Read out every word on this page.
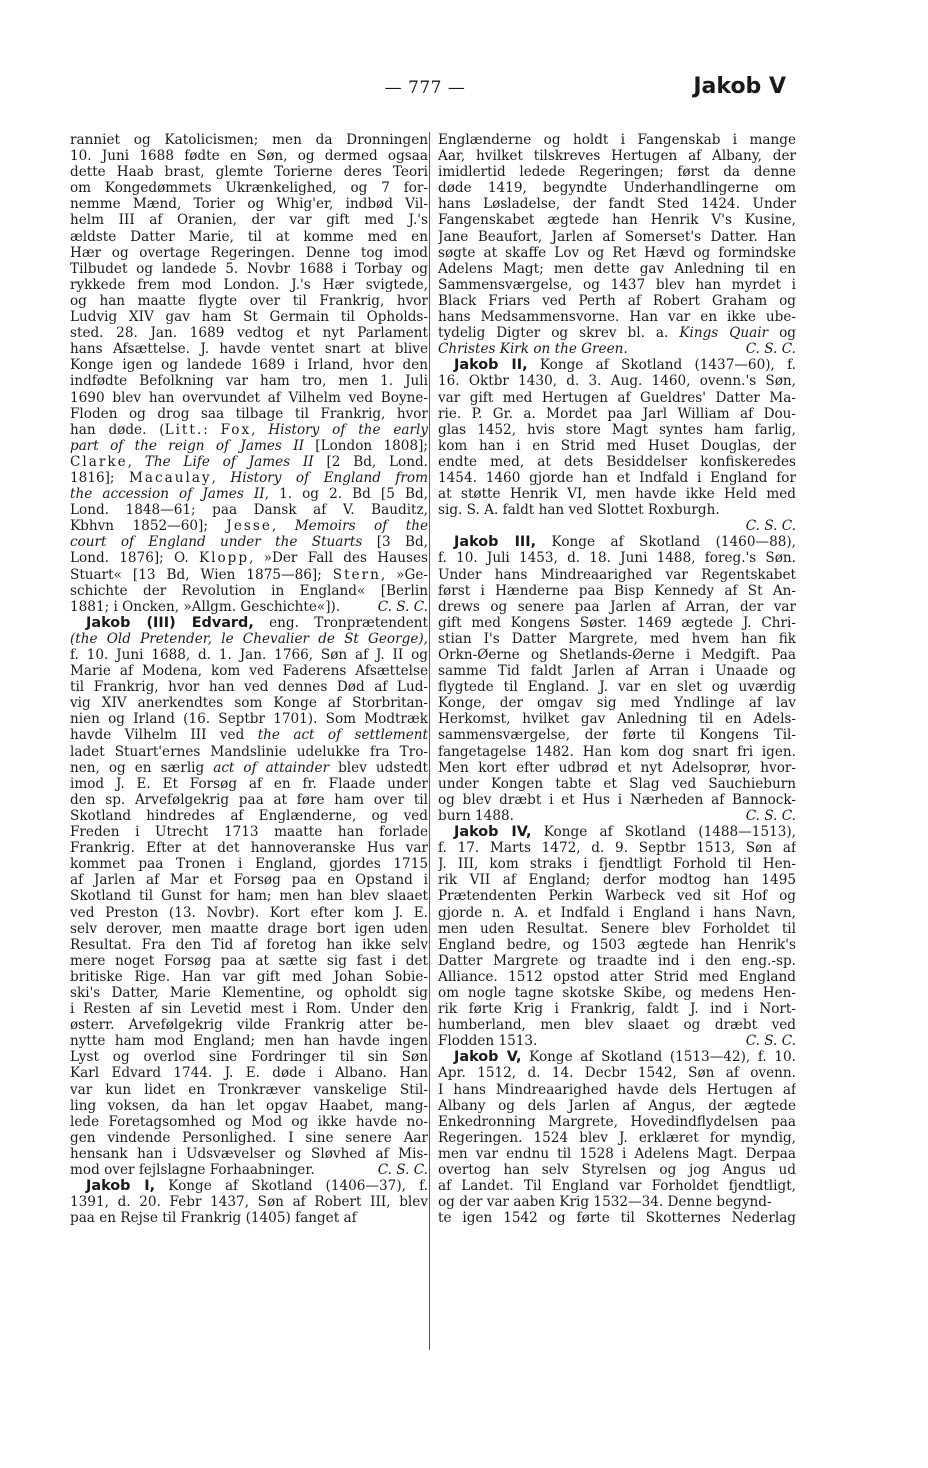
— 777 —	Jakob V
ranniet og Katolicismen; men da Dronningen
10. Juni 1688 fødte en Søn, og dermed ogsaa
dette Haab brast, glemte Torierne deres Teori
om Kongedømmets Ukrænkelighed, og 7 for-
nemme Mænd, Torier og Whig'er, indbød Vil-
helm III af Oranien, der var gift med J.'s
ældste Datter Marie, til at komme med en
Hær og overtage Regeringen. Denne tog imod
Tilbudet og landede 5. Novbr 1688 i Torbay og
rykkede frem mod London. J.'s Hær svigtede,
og han maatte flygte over til Frankrig, hvor
Ludvig XIV gav ham St Germain til Opholds-
sted. 28. Jan. 1689 vedtog et nyt Parlament
hans Afsættelse. J. havde ventet snart at blive
Konge igen og landede 1689 i Irland, hvor den
indfødte Befolkning var ham tro, men 1. Juli
1690 blev han overvundet af Vilhelm ved Boyne-
Floden og drog saa tilbage til Frankrig, hvor
han døde. (Litt.: Fox, History of the early
part of the reign of James II [London 1808];
Clarke, The Life of James II [2 Bd, Lond.
1816]; Macaulay, History of England from
the accession of James II, 1. og 2. Bd [5 Bd,
Lond. 1848—61; paa Dansk af V. Bauditz,
Kbhvn 1852—60]; Jesse, Memoirs of the
court of England under the Stuarts [3 Bd,
Lond. 1876]; O. Klopp, »Der Fall des Hauses
Stuart« [13 Bd, Wien 1875—86]; Stern, »Ge-
schichte der Revolution in England« [Berlin
1881; i Oncken, »Allgm. Geschichte«]).	C. S. C.
Jakob (III) Edvard, eng. Tronprætendent
(the Old Pretender, le Chevalier de St George),
f. 10. Juni 1688, d. 1. Jan. 1766, Søn af J. II og
Marie af Modena, kom ved Faderens Afsættelse
til Frankrig, hvor han ved dennes Død af Lud-
vig XIV anerkendtes som Konge af Storbritan-
nien og Irland (16. Septbr 1701). Som Modtræk
havde Vilhelm III ved the act of settlement
ladet Stuart'ernes Mandslinie udelukke fra Tro-
nen, og en særlig act of attainder blev udstedt
imod J. E. Et Forsøg af en fr. Flaade under
den sp. Arvefølgekrig paa at føre ham over til
Skotland hindredes af Englænderne, og ved
Freden i Utrecht 1713 maatte han forlade
Frankrig. Efter at det hannoveranske Hus var
kommet paa Tronen i England, gjordes 1715
af Jarlen af Mar et Forsøg paa en Opstand i
Skotland til Gunst for ham; men han blev slaaet
ved Preston (13. Novbr). Kort efter kom J. E.
selv derover, men maatte drage bort igen uden
Resultat. Fra den Tid af foretog han ikke selv
mere noget Forsøg paa at sætte sig fast i det
britiske Rige. Han var gift med Johan Sobie-
ski's Datter, Marie Klementine, og opholdt sig
i Resten af sin Levetid mest i Rom. Under den
østerr. Arvefølgekrig vilde Frankrig atter be-
nytte ham mod England; men han havde ingen
Lyst og overlod sine Fordringer til sin Søn
Karl Edvard 1744. J. E. døde i Albano. Han
var kun lidet en Tronkræver vanskelige Stil-
ling voksen, da han let opgav Haabet, mang-
lede Foretagsomhed og Mod og ikke havde no-
gen vindende Personlighed. I sine senere Aar
hensank han i Udsvævelser og Sløvhed af Mis-
mod over fejlslagne Forhaabninger.	C. S. C.
Jakob I, Konge af Skotland (1406—37), f.
1391, d. 20. Febr 1437, Søn af Robert III, blev
paa en Rejse til Frankrig (1405) fanget af
Englænderne og holdt i Fangenskab i mange
Aar, hvilket tilskreves Hertugen af Albany, der
imidlertid ledede Regeringen; først da denne
døde 1419, begyndte Underhandlingerne om
hans Løsladelse, der fandt Sted 1424. Under
Fangenskabet ægtede han Henrik V's Kusine,
Jane Beaufort, Jarlen af Somerset's Datter. Han
søgte at skaffe Lov og Ret Hævd og formindske
Adelens Magt; men dette gav Anledning til en
Sammensværgelse, og 1437 blev han myrdet i
Black Friars ved Perth af Robert Graham og
hans Medsammensvorne. Han var en ikke ube-
tydelig Digter og skrev bl. a. Kings Quair og
Christes Kirk on the Green.	C. S. C.
Jakob II, Konge af Skotland (1437—60), f.
16. Oktbr 1430, d. 3. Aug. 1460, ovenn.'s Søn,
var gift med Hertugen af Gueldres' Datter Ma-
rie. P. Gr. a. Mordet paa Jarl William af Dou-
glas 1452, hvis store Magt syntes ham farlig,
kom han i en Strid med Huset Douglas, der
endte med, at dets Besiddelser konfiskeredes
1454. 1460 gjorde han et Indfald i England for
at støtte Henrik VI, men havde ikke Held med
sig. S. A. faldt han ved Slottet Roxburgh.
C. S. C.
Jakob III, Konge af Skotland (1460—88),
f. 10. Juli 1453, d. 18. Juni 1488, foreg.'s Søn.
Under hans Mindreaarighed var Regentskabet
først i Hænderne paa Bisp Kennedy af St An-
drews og senere paa Jarlen af Arran, der var
gift med Kongens Søster. 1469 ægtede J. Chri-
stian I's Datter Margrete, med hvem han fik
Orkn-Øerne og Shetlands-Øerne i Medgift. Paa
samme Tid faldt Jarlen af Arran i Unaade og
flygtede til England. J. var en slet og uværdig
Konge, der omgav sig med Yndlinge af lav
Herkomst, hvilket gav Anledning til en Adels-
sammensværgelse, der førte til Kongens Til-
fangetagelse 1482. Han kom dog snart fri igen.
Men kort efter udbrød et nyt Adelsoprør, hvor-
under Kongen tabte et Slag ved Sauchieburn
og blev dræbt i et Hus i Nærheden af Bannock-
burn 1488.	C. S. C.
Jakob IV, Konge af Skotland (1488—1513),
f. 17. Marts 1472, d. 9. Septbr 1513, Søn af
J. III, kom straks i fjendtligt Forhold til Hen-
rik VII af England; derfor modtog han 1495
Prætendenten Perkin Warbeck ved sit Hof og
gjorde n. A. et Indfald i England i hans Navn,
men uden Resultat. Senere blev Forholdet til
England bedre, og 1503 ægtede han Henrik's
Datter Margrete og traadte ind i den eng.-sp.
Alliance. 1512 opstod atter Strid med England
om nogle tagne skotske Skibe, og medens Hen-
rik førte Krig i Frankrig, faldt J. ind i Nort-
humberland, men blev slaaet og dræbt ved
Flodden 1513.	C. S. C.
Jakob V, Konge af Skotland (1513—42), f. 10.
Apr. 1512, d. 14. Decbr 1542, Søn af ovenn.
I hans Mindreaarighed havde dels Hertugen af
Albany og dels Jarlen af Angus, der ægtede
Enkedronning Margrete, Hovedindflydelsen paa
Regeringen. 1524 blev J. erklæret for myndig,
men var endnu til 1528 i Adelens Magt. Derpaa
overtog han selv Styrelsen og jog Angus ud
af Landet. Til England var Forholdet fjendtligt,
og der var aaben Krig 1532—34. Denne begynd-
te igen 1542 og førte til Skotternes Nederlag
